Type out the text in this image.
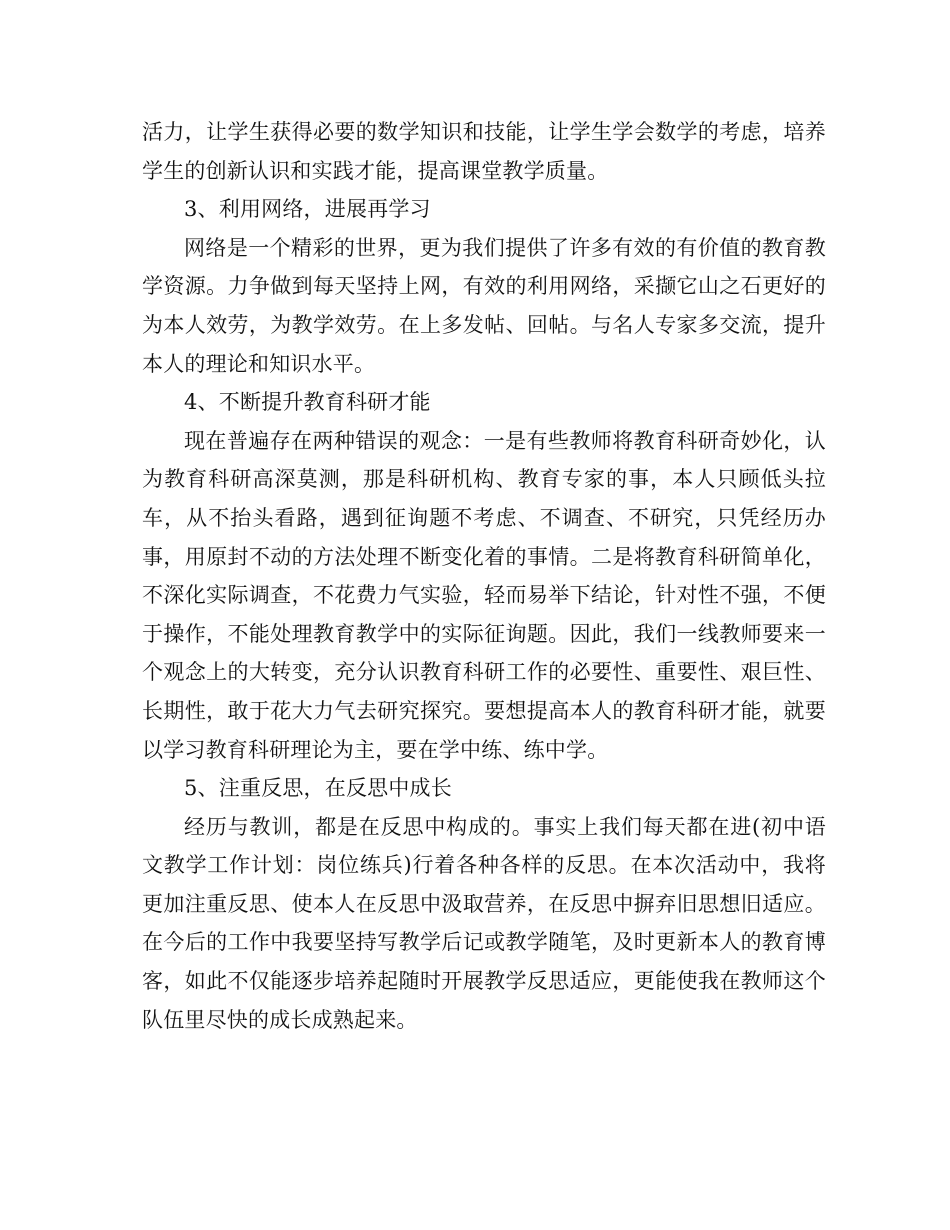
活力，让学生获得必要的数学知识和技能，让学生学会数学的考虑，培养学生的创新认识和实践才能，提高课堂教学质量。

3、利用网络，进展再学习

网络是一个精彩的世界，更为我们提供了许多有效的有价值的教育教学资源。力争做到每天坚持上网，有效的利用网络，采撷它山之石更好的为本人效劳，为教学效劳。在上多发帖、回帖。与名人专家多交流，提升本人的理论和知识水平。

4、不断提升教育科研才能

现在普遍存在两种错误的观念：一是有些教师将教育科研奇妙化，认为教育科研高深莫测，那是科研机构、教育专家的事，本人只顾低头拉车，从不抬头看路，遇到征询题不考虑、不调查、不研究，只凭经历办事，用原封不动的方法处理不断变化着的事情。二是将教育科研简单化，不深化实际调查，不花费力气实验，轻而易举下结论，针对性不强，不便于操作，不能处理教育教学中的实际征询题。因此，我们一线教师要来一个观念上的大转变，充分认识教育科研工作的必要性、重要性、艰巨性、长期性，敢于花大力气去研究探究。要想提高本人的教育科研才能，就要以学习教育科研理论为主，要在学中练、练中学。

5、注重反思，在反思中成长

经历与教训，都是在反思中构成的。事实上我们每天都在进(初中语文教学工作计划：岗位练兵)行着各种各样的反思。在本次活动中，我将更加注重反思、使本人在反思中汲取营养，在反思中摒弃旧思想旧适应。在今后的工作中我要坚持写教学后记或教学随笔，及时更新本人的教育博客，如此不仅能逐步培养起随时开展教学反思适应，更能使我在教师这个队伍里尽快的成长成熟起来。
